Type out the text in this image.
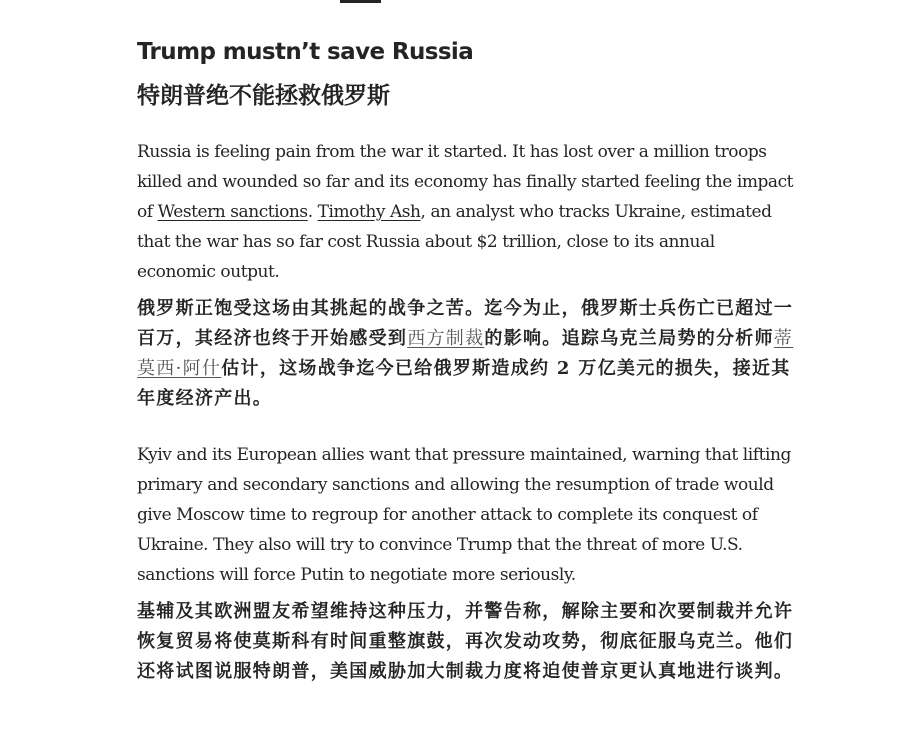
Trump mustn’t save Russia
特朗普绝不能拯救俄罗斯

Russia is feeling pain from the war it started. It has lost over a million troops killed and wounded so far and its economy has finally started feeling the impact of Western sanctions. Timothy Ash, an analyst who tracks Ukraine, estimated that the war has so far cost Russia about $2 trillion, close to its annual economic output.

俄罗斯正饱受这场由其挑起的战争之苦。迄今为止，俄罗斯士兵伤亡已超过一百万，其经济也终于开始感受到西方制裁的影响。追踪乌克兰局势的分析师蒂莫西·阿什估计，这场战争迄今已给俄罗斯造成约 2 万亿美元的损失，接近其年度经济产出。

Kyiv and its European allies want that pressure maintained, warning that lifting primary and secondary sanctions and allowing the resumption of trade would give Moscow time to regroup for another attack to complete its conquest of Ukraine. They also will try to convince Trump that the threat of more U.S. sanctions will force Putin to negotiate more seriously.

基辅及其欧洲盟友希望维持这种压力，并警告称，解除主要和次要制裁并允许恢复贸易将使莫斯科有时间重整旗鼓，再次发动攻势，彻底征服乌克兰。他们还将试图说服特朗普，美国威胁加大制裁力度将迫使普京更认真地进行谈判。
